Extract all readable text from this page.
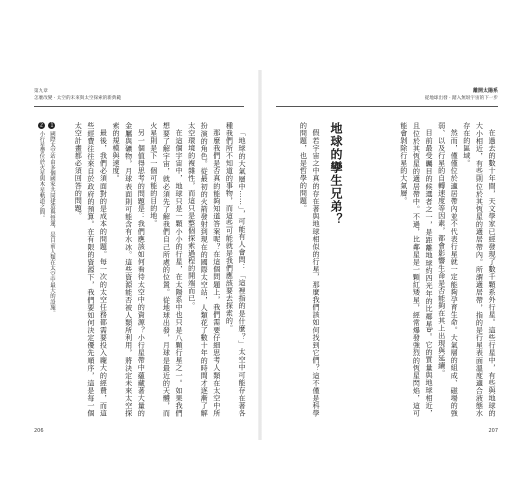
第九章
怎麼改變 · 太空的未來與太空探索的新典範

「地球的大氣層中……」，可能有人會問：「這裡指的是什麼？」太空中可能存在著各種我們所不知道的事物，而這些可能就是我們應該要去探索的。

那麼我們是否真的能夠知道答案呢？在這個問題上，我們需要仔細思考人類在太空中所扮演的角色。從最初的火箭發射到現在的國際太空站，人類花了數十年的時間才逐漸了解太空環境的複雜性，而這只是整個探索過程的開端而已。

在這個宇宙中，地球只是一顆小小的行星，在太陽系中也只是八顆行星之一。如果我們想要了解宇宙，就必須先了解我們自己所處的位置。從地球出發，月球是最近的天體，而火星則是下一個可能的目的地。

另一個值得思考的問題是：我們應該如何看待太空中的資源？小行星帶中蘊藏著大量的金屬與礦物，月球表面則可能含有水冰。這些資源能否被人類所利用，將決定未來太空探索的規模與速度。

最後，我們必須面對的是成本的問題。每一次的太空任務都需要投入龐大的經費，而這些經費往往來自於政府的預算。在有限的資源下，我們要如何決定優先順序，這是每一個太空計畫都必須回答的問題。

1國際太空站由多個國家共同建造與營運，是目前人類在太空中最大的設施。

2小行星帶位於火星與木星軌道之間。

206
離開太陽系
從地球出發 · 踏入無垠宇宙的下一步

在過去的數十年間，天文學家已經發現了數千顆系外行星。這些行星中，有些與地球的大小相近，有些則位於其恆星的適居帶內。所謂適居帶，指的是行星表面溫度適合液態水存在的區域。

然而，僅僅位於適居帶內並不代表行星就一定能夠孕育生命。大氣層的組成、磁場的強弱、以及行星的自轉速度等因素，都會影響生命是否能夠在其上出現與延續。

目前最受矚目的候選者之一，是距離地球約四光年的比鄰星b。它的質量與地球相近，且位於其恆星的適居帶中。不過，比鄰星是一顆紅矮星，經常爆發強烈的恆星閃焰，這可能會剝除行星的大氣層。

地球的孿生兄弟？

假若宇宙之中真的存在著與地球相似的行星，那麼我們該如何找到它們？這不僅是科學的問題，也是哲學的問題。

207
